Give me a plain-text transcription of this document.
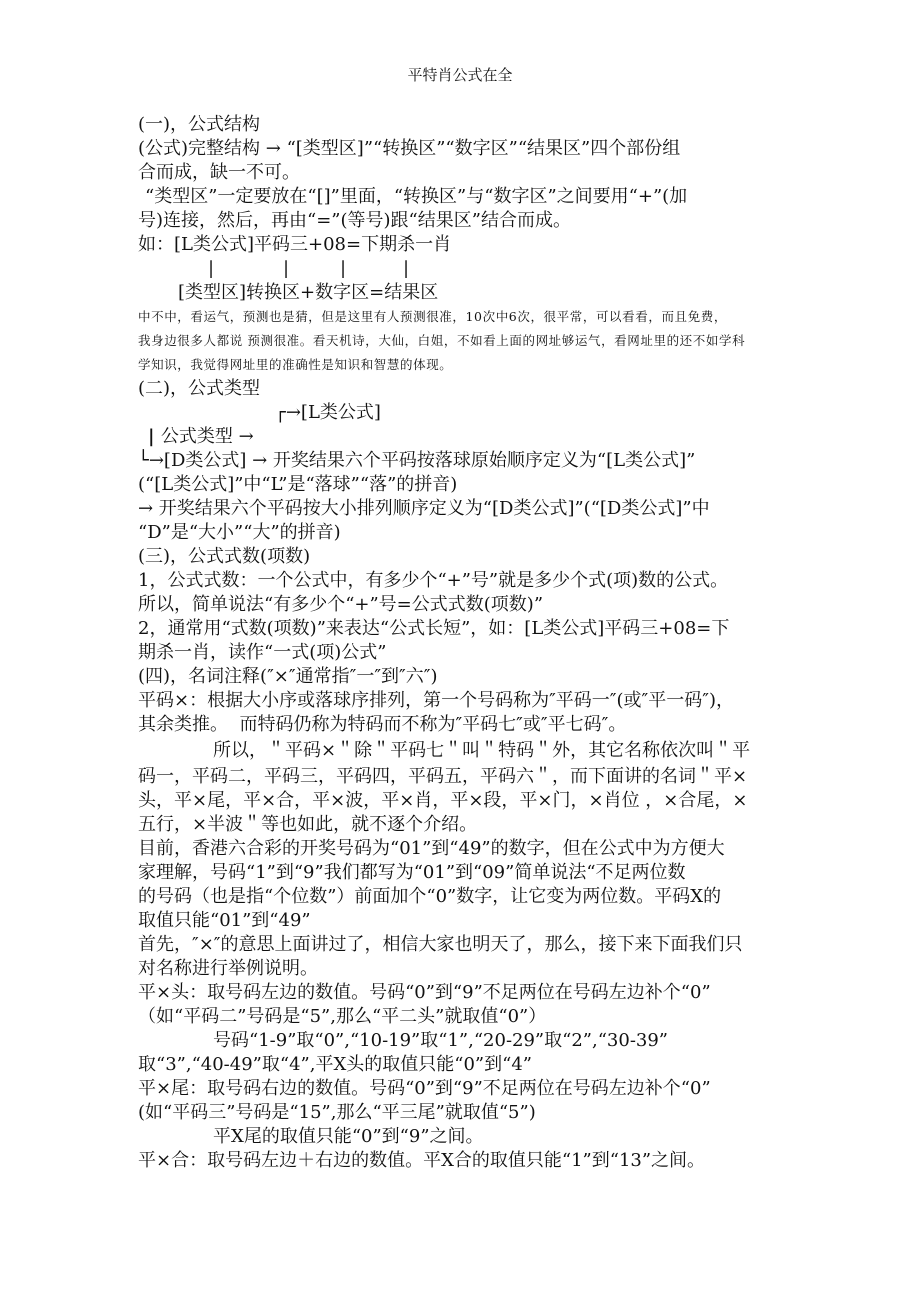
平特肖公式在全
(一)，公式结构
(公式)完整结构 → “[类型区]”“转换区”“数字区”“结果区”四个部份组
合而成，缺一不可。
“类型区”一定要放在“[]”里面，“转换区”与“数字区”之间要用“+”(加
号)连接，然后，再由“=”(等号)跟“结果区”结合而成。
如：[L类公式]平码三+08=下期杀一肖

|

	|

	|

	|

[类型区]转换区+数字区=结果区
中不中，看运气，预测也是猜，但是这里有人预测很准，10次中6次，很平常，可以看看，而且免费，
我身边很多人都说 预测很准。看天机诗，大仙，白姐，不如看上面的网址够运气，看网址里的还不如学科
学知识，我觉得网址里的准确性是知识和智慧的体现。
(二)，公式类型

公式类型 →

┌→[L类公式]

|

└→[D类公式] → 开奖结果六个平码按落球原始顺序定义为“[L类公式]”
(“[L类公式]”中“L”是“落球”“落”的拼音)
→ 开奖结果六个平码按大小排列顺序定义为“[D类公式]”(“[D类公式]”中
“D”是“大小”“大”的拼音)
(三)，公式式数(项数)
1，公式式数：一个公式中，有多少个“+”号”就是多少个式(项)数的公式。
所以，简单说法“有多少个“+”号=公式式数(项数)”
2，通常用“式数(项数)”来表达“公式长短”，如：[L类公式]平码三+08=下
期杀一肖，读作“一式(项)公式”
(四)，名词注释(″×″通常指″一″到″六″)
平码×：根据大小序或落球序排列，第一个号码称为″平码一″(或″平一码″)，
其余类推。  而特码仍称为特码而不称为″平码七″或″平七码″。
所以，＂平码×＂除＂平码七＂叫＂特码＂外，其它名称依次叫＂平
码一，平码二，平码三，平码四，平码五，平码六＂，而下面讲的名词＂平×
头，平×尾，平×合，平×波，平×肖，平×段，平×门，×肖位 ，×合尾，×
五行，×半波＂等也如此，就不逐个介绍。
目前，香港六合彩的开奖号码为“01”到“49”的数字，但在公式中为方便大
家理解，号码“1”到“9”我们都写为“01”到“09”简单说法“不足两位数
的号码（也是指“个位数”）前面加个“0”数字，让它变为两位数。平码X的
取值只能“01”到“49”
首先，″×″的意思上面讲过了，相信大家也明天了，那么，接下来下面我们只
对名称进行举例说明。
平×头：取号码左边的数值。号码“0”到“9”不足两位在号码左边补个“0”
（如“平码二”号码是“5”,那么“平二头”就取值“0”）
号码“1-9”取“0”,“10-19”取“1”,“20-29”取“2”,“30-39”
取“3”,“40-49”取“4”,平X头的取值只能“0”到“4”
平×尾：取号码右边的数值。号码“0”到“9”不足两位在号码左边补个“0”
(如“平码三”号码是“15”,那么“平三尾”就取值“5”)
平X尾的取值只能“0”到“9”之间。
平×合：取号码左边＋右边的数值。平X合的取值只能“1”到“13”之间。
